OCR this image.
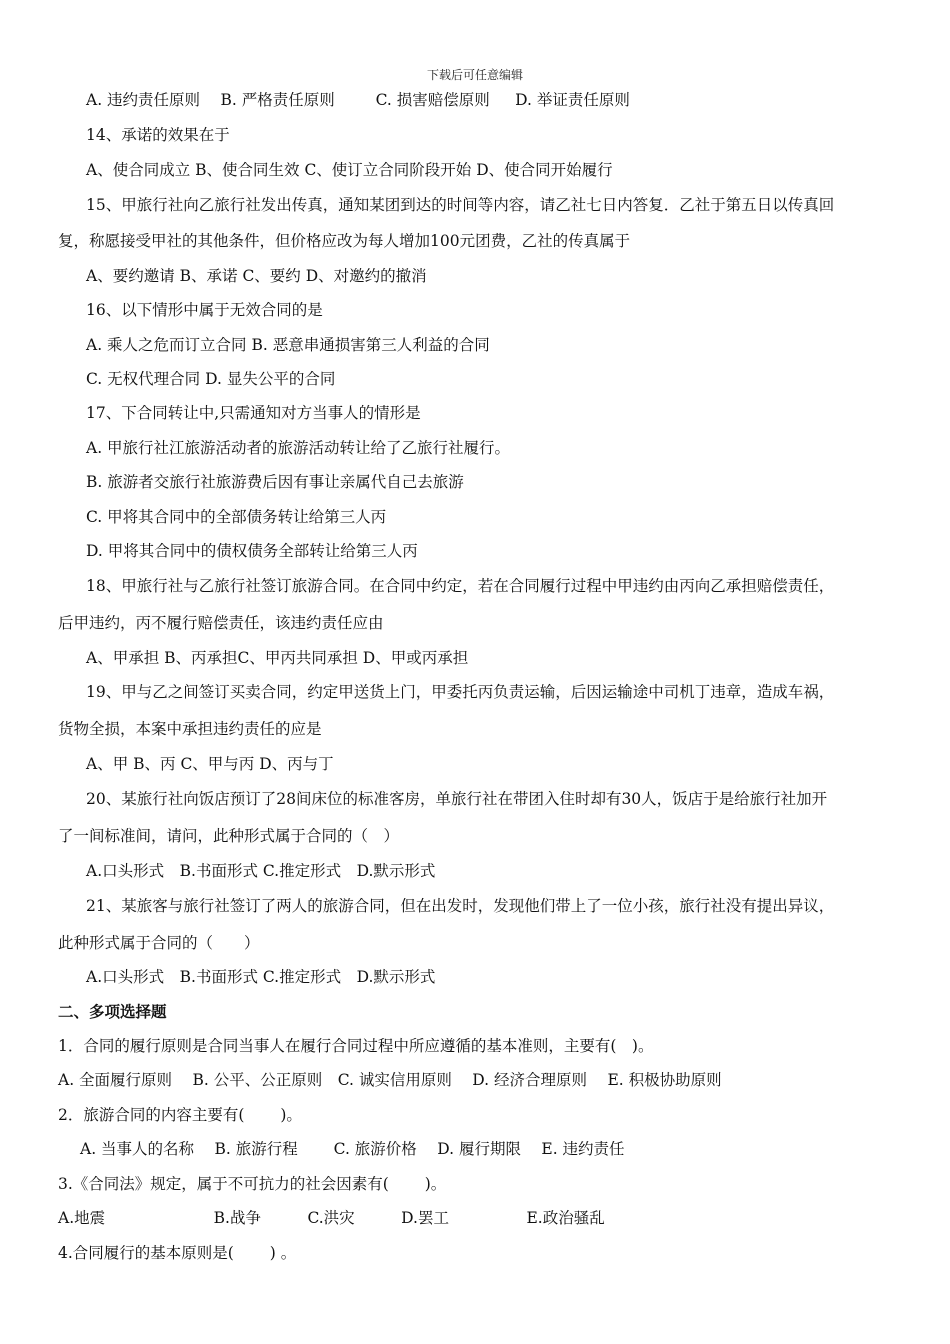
下载后可任意编辑
A. 违约责任原则　 B. 严格责任原则 　　 C. 损害赔偿原则 　 D. 举证责任原则
14、承诺的效果在于
A、使合同成立 B、使合同生效 C、使订立合同阶段开始 D、使合同开始履行
15、甲旅行社向乙旅行社发出传真，通知某团到达的时间等内容，请乙社七日内答复．乙社于第五日以传真回
复，称愿接受甲社的其他条件，但价格应改为每人增加100元团费，乙社的传真属于
A、要约邀请 B、承诺 C、要约 D、对邀约的撤消
16、以下情形中属于无效合同的是
A. 乘人之危而订立合同 B. 恶意串通损害第三人利益的合同
C. 无权代理合同 D. 显失公平的合同
17、下合同转让中,只需通知对方当事人的情形是
A. 甲旅行社江旅游活动者的旅游活动转让给了乙旅行社履行。
B. 旅游者交旅行社旅游费后因有事让亲属代自己去旅游
C. 甲将其合同中的全部债务转让给第三人丙
D. 甲将其合同中的债权债务全部转让给第三人丙
18、甲旅行社与乙旅行社签订旅游合同。在合同中约定，若在合同履行过程中甲违约由丙向乙承担赔偿责任，
后甲违约，丙不履行赔偿责任，该违约责任应由
A、甲承担 B、丙承担C、甲丙共同承担 D、甲或丙承担
19、甲与乙之间签订买卖合同，约定甲送货上门，甲委托丙负责运输，后因运输途中司机丁违章，造成车祸，
货物全损，本案中承担违约责任的应是
A、甲 B、丙 C、甲与丙 D、丙与丁
20、某旅行社向饭店预订了28间床位的标准客房，单旅行社在带团入住时却有30人，饭店于是给旅行社加开
了一间标准间，请问，此种形式属于合同的（　）
A.口头形式　B.书面形式 C.推定形式　D.默示形式
21、某旅客与旅行社签订了两人的旅游合同，但在出发时，发现他们带上了一位小孩，旅行社没有提出异议，
此种形式属于合同的（　　）
A.口头形式　B.书面形式 C.推定形式　D.默示形式
二、多项选择题
1．合同的履行原则是合同当事人在履行合同过程中所应遵循的基本准则，主要有(　)。
A. 全面履行原则　 B. 公平、公正原则　C. 诚实信用原则　 D. 经济合理原则　 E. 积极协助原则
2．旅游合同的内容主要有(　　 )。
A. 当事人的名称　 B. 旅游行程 　　C. 旅游价格　 D. 履行期限　 E. 违约责任
3.《合同法》规定，属于不可抗力的社会因素有(　　 )。
A.地震　　　　　　　B.战争　　　C.洪灾　　　D.罢工　　　　　E.政治骚乱
4.合同履行的基本原则是(　　 ) 。
